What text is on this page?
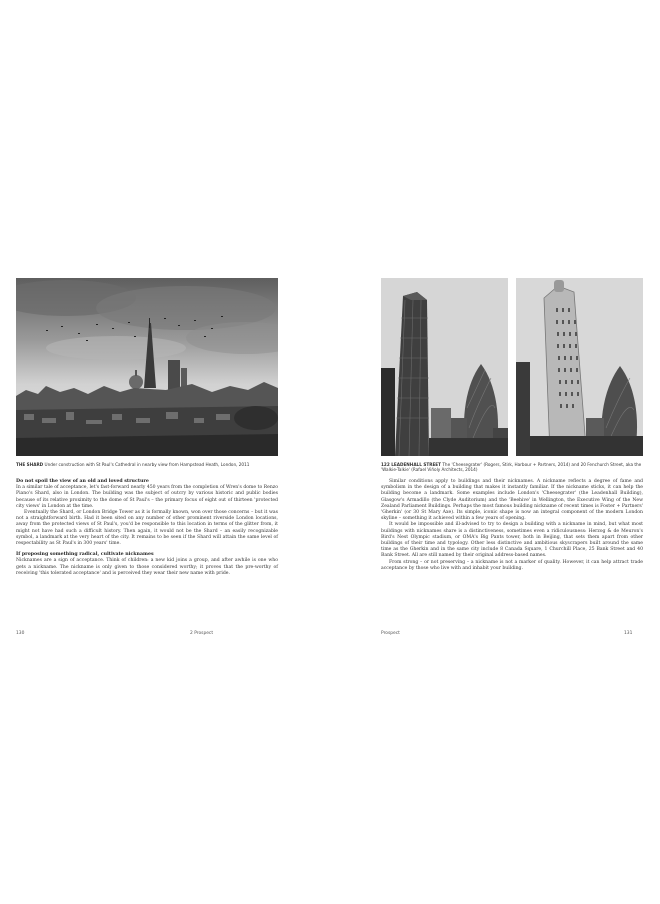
THE SHARD Under construction with St Paul's Cathedral in nearby view from Hampstead Heath, London, 2011	122 LEADENHALL STREET The 'Cheesegrater' (Rogers, Stirk, Harbour + Partners, 2014) and 20 Fenchurch Street, aka the 'Walkie-Talkie' (Rafael Viñoly Architects, 2014)
Do not spoil the view of an old and loved structure

In a similar tale of acceptance, let's fast-forward nearly 450 years from the completion of Wren's dome to Renzo Piano's Shard, also in London. The building was the subject of outcry by various historic and public bodies because of its relative proximity to the dome of St Paul's – the primary focus of eight out of thirteen 'protected city views' in London at the time.

Eventually the Shard, or London Bridge Tower as it is formally known, won over those concerns – but it was not a straightforward birth. Had it been sited on any number of other prominent riverside London locations, away from the protected views of St Paul's, you'd be responsible to this location in terms of the glitter from, it might not have had such a difficult history. Then again, it would not be the Shard – an easily recognizable symbol, a landmark at the very heart of the city. It remains to be seen if the Shard will attain the same level of respectability as St Paul's in 300 years' time.

If proposing something radical, cultivate nicknames

Nicknames are a sign of acceptance. Think of children: a new kid joins a group, and after awhile is one who gets a nickname. The nickname is only given to those considered worthy; it proves that the pre-worthy of receiving 'this tolerated acceptance' and is perceived they wear their new name with pride.

Similar conditions apply to buildings and their nicknames. A nickname reflects a degree of fame and symbolism in the design of a building that makes it instantly familiar. If the nickname sticks, it can help the building become a landmark. Some examples include London's 'Cheesegrater' (the Leadenhall Building), Glasgow's Armadillo (the Clyde Auditorium) and the 'Beehive' in Wellington, the Executive Wing of the New Zealand Parliament Buildings. Perhaps the most famous building nickname of recent times is Foster + Partners' 'Gherkin' (or 30 St Mary Axe). Its simple, iconic shape is now an integral component of the modern London skyline – something it achieved within a few years of opening.

It would be impossible and ill-advised to try to design a building with a nickname in mind, but what most buildings with nicknames share is a distinctiveness, sometimes even a ridiculousness: Herzog & de Meuron's Bird's Nest Olympic stadium, or OMA's Big Pants tower, both in Beijing, that sets them apart from other buildings of their time and typology. Other less distinctive and ambitious skyscrapers built around the same time as the Gherkin and in the same city include 8 Canada Square, 1 Churchill Place, 25 Bank Street and 40 Bank Street. All are still named by their original address-based names.

From strong – or not preserving – a nickname is not a marker of quality. However, it can help attract trade acceptance by those who live with and inhabit your building.

130	2 Prospect	Prospect	131
